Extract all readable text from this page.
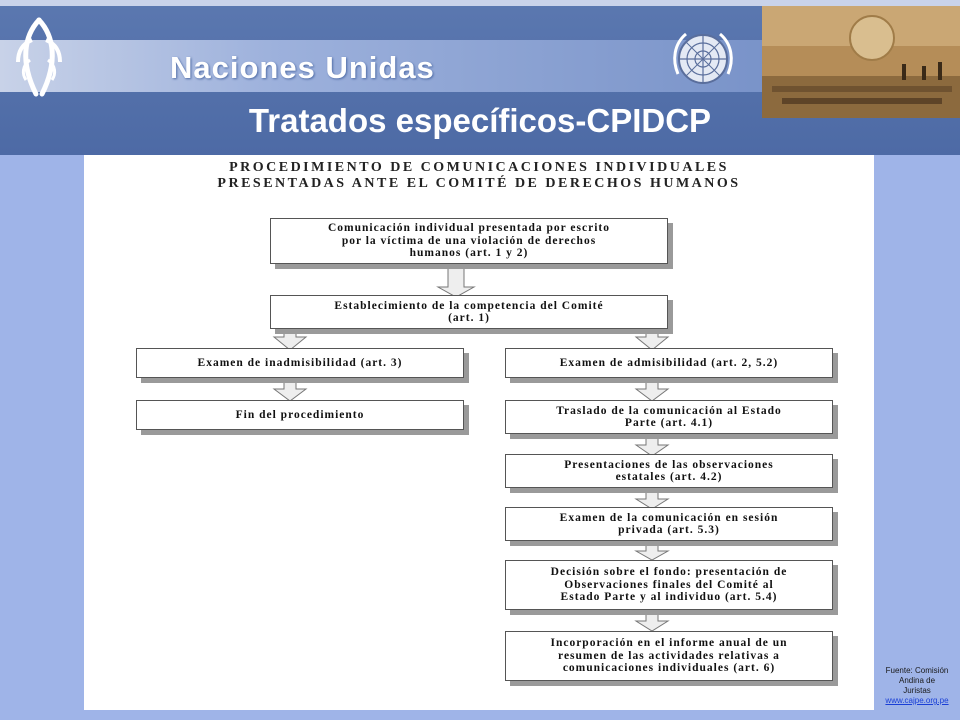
Naciones Unidas
Tratados específicos-CPIDCP
PROCEDIMIENTO DE COMUNICACIONES INDIVIDUALES
PRESENTADAS ANTE EL COMITÉ DE DERECHOS HUMANOS
Comunicación individual presentada por escrito
por la víctima de una violación de derechos
humanos (art. 1 y 2)
Establecimiento de la competencia del Comité
(art. 1)
Examen de inadmisibilidad (art. 3)
Fin del procedimiento
Examen de admisibilidad (art. 2, 5.2)
Traslado de la comunicación al Estado
Parte (art. 4.1)
Presentaciones de las observaciones
estatales (art. 4.2)
Examen de la comunicación en sesión
privada (art. 5.3)
Decisión sobre el fondo: presentación de
Observaciones finales del Comité al
Estado Parte y al individuo (art. 5.4)
Incorporación en el informe anual de un
resumen de las actividades relativas a
comunicaciones individuales (art. 6)	Fuente: Comisión
Andina de
Juristas
www.cajpe.org.pe
